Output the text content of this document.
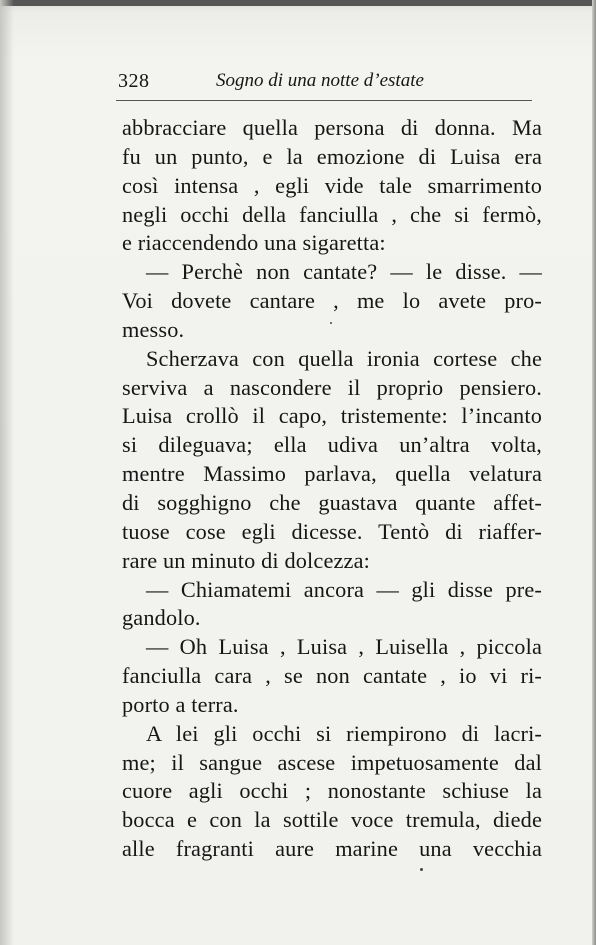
328	Sogno di una notte d’estate
abbracciare quella persona di donna. Ma
fu un punto, e la emozione di Luisa era
così intensa , egli vide tale smarrimento
negli occhi della fanciulla , che si fermò,
e riaccendendo una sigaretta:
— Perchè non cantate? — le disse. —
Voi dovete cantare , me lo avete pro-
messo.
Scherzava con quella ironia cortese che
serviva a nascondere il proprio pensiero.
Luisa crollò il capo, tristemente: l’incanto
si dileguava; ella udiva un’altra volta,
mentre Massimo parlava, quella velatura
di sogghigno che guastava quante affet-
tuose cose egli dicesse. Tentò di riaffer-
rare un minuto di dolcezza:
— Chiamatemi ancora — gli disse pre-
gandolo.
— Oh Luisa , Luisa , Luisella , piccola
fanciulla cara , se non cantate , io vi ri-
porto a terra.
A lei gli occhi si riempirono di lacri-
me; il sangue ascese impetuosamente dal
cuore agli occhi ; nonostante schiuse la
bocca e con la sottile voce tremula, diede
alle fragranti aure marine una vecchia
